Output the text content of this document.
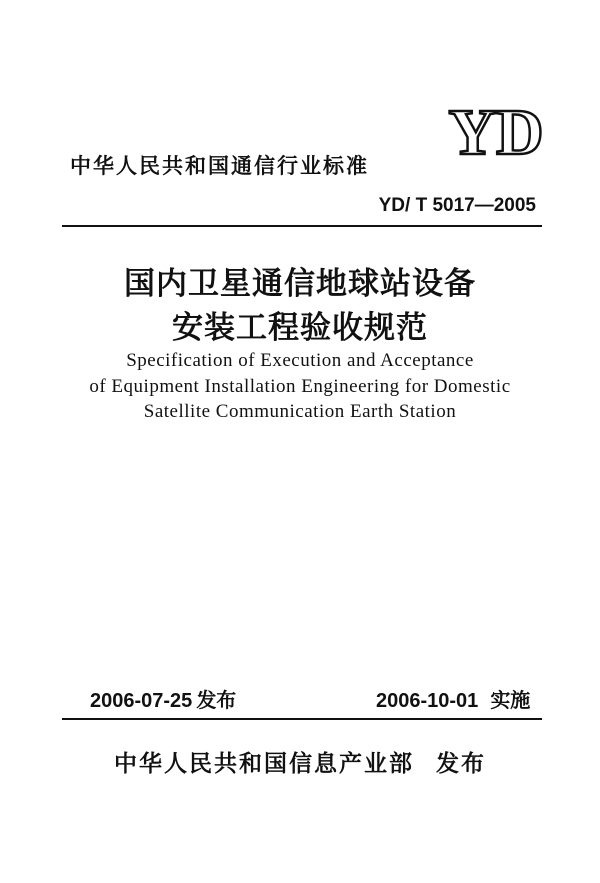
YD
中华人民共和国通信行业标准
YD/ T 5017—2005
国内卫星通信地球站设备
安装工程验收规范
Specification of Execution and Acceptance
of Equipment Installation Engineering for Domestic
Satellite Communication Earth Station
2006-07-25 发布	2006-10-01 实施
中华人民共和国信息产业部 发布
